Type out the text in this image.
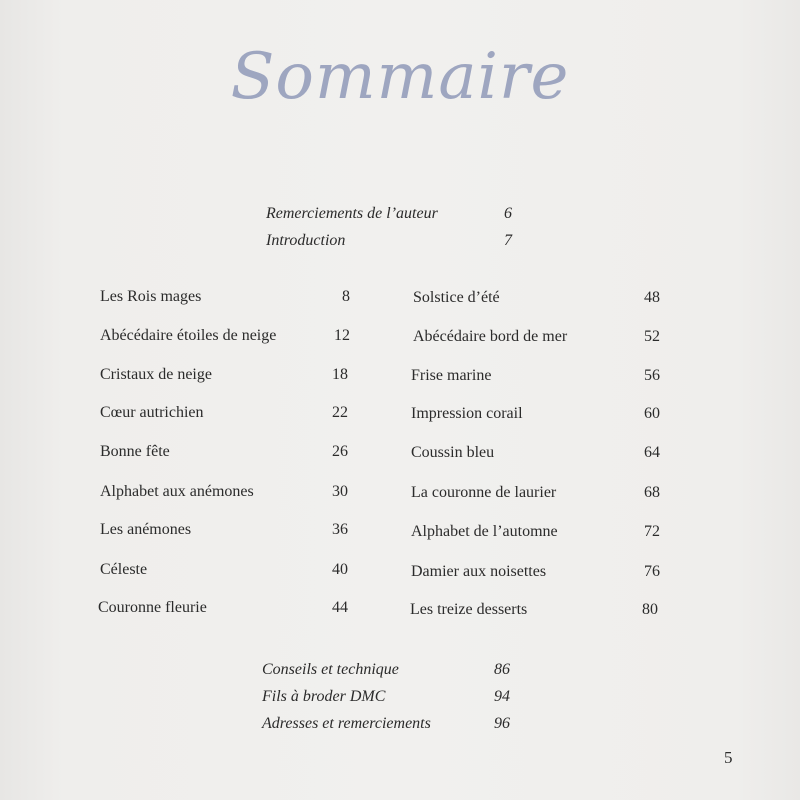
Sommaire
Remerciements de l’auteur	6
Introduction	7
Les Rois mages	8
Abécédaire étoiles de neige	12
Cristaux de neige	18
Cœur autrichien	22
Bonne fête	26
Alphabet aux anémones	30
Les anémones	36
Céleste	40
Couronne fleurie	44
Solstice d’été	48
Abécédaire bord de mer	52
Frise marine	56
Impression corail	60
Coussin bleu	64
La couronne de laurier	68
Alphabet de l’automne	72
Damier aux noisettes	76
Les treize desserts	80
Conseils et technique	86
Fils à broder DMC	94
Adresses et remerciements	96
5
